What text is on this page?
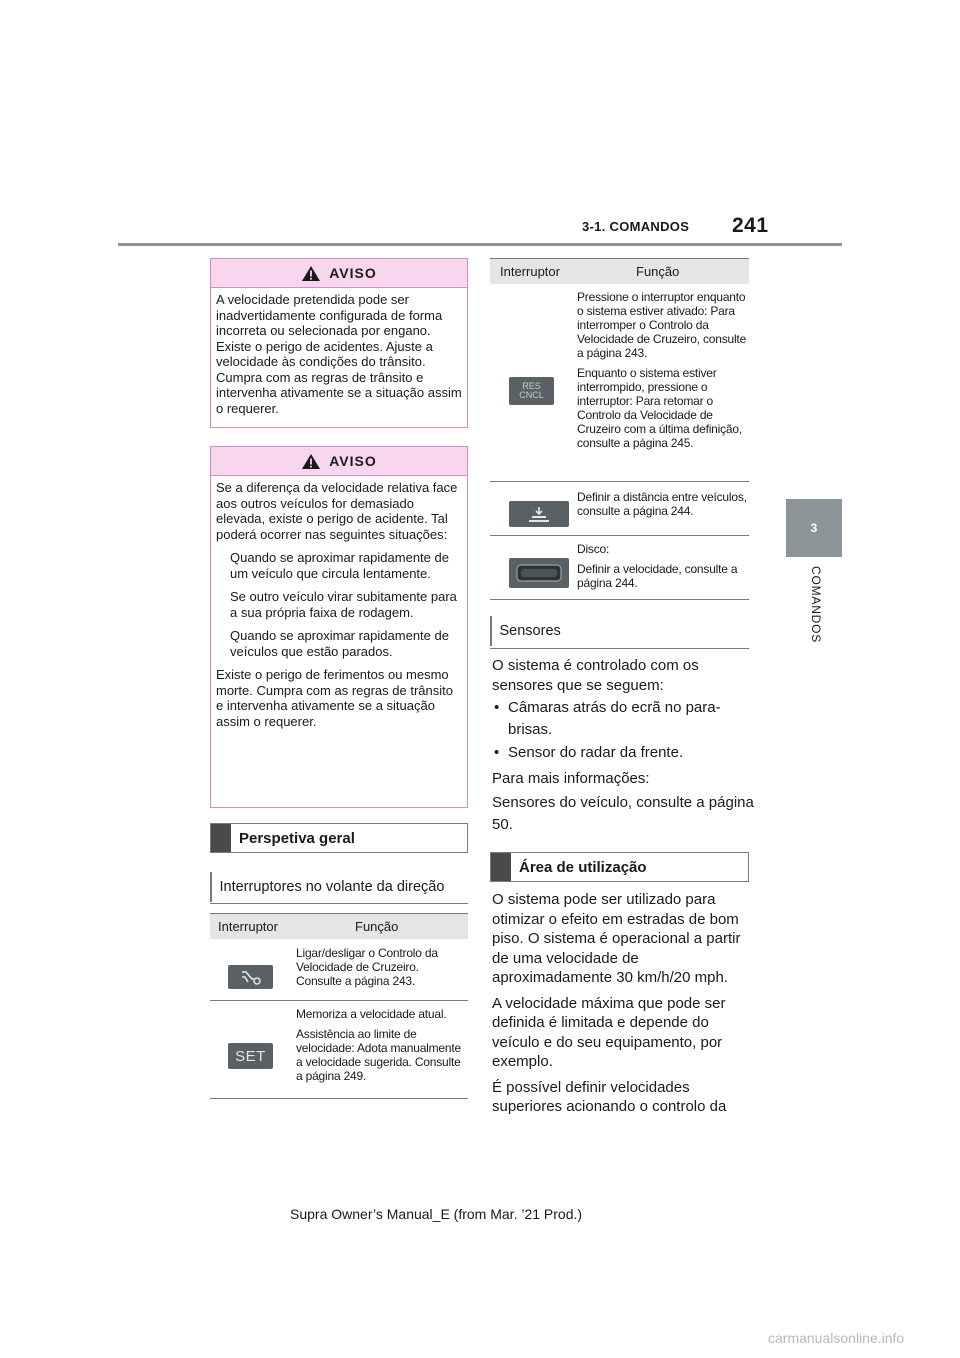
3-1. COMANDOS 241
3
COMANDOS
AVISO

A velocidade pretendida pode ser inadvertidamente configurada de forma incorreta ou selecionada por engano. Existe o perigo de acidentes. Ajuste a velocidade às condições do trânsito. Cumpra com as regras de trânsito e intervenha ativamente se a situação assim o requerer.

AVISO

Se a diferença da velocidade relativa face aos outros veículos for demasiado elevada, existe o perigo de acidente. Tal poderá ocorrer nas seguintes situações:

Quando se aproximar rapidamente de um veículo que circula lentamente.

Se outro veículo virar subitamente para a sua própria faixa de rodagem.

Quando se aproximar rapidamente de veículos que estão parados.

Existe o perigo de ferimentos ou mesmo morte. Cumpra com as regras de trânsito e intervenha ativamente se a situação assim o requerer.

Perspetiva geral
Interruptores no volante da direção
Interruptor	Função

Ligar/desligar o Controlo da Velocidade de Cruzeiro. Consulte a página 243.

SET

Memoriza a velocidade atual.

Assistência ao limite de velocidade: Adota manualmente a velocidade sugerida. Consulte a página 249.

Interruptor	Função
RES
CNCL

Pressione o interruptor enquanto o sistema estiver ativado: Para interromper o Controlo da Velocidade de Cruzeiro, consulte a página 243.

Enquanto o sistema estiver interrompido, pressione o interruptor: Para retomar o Controlo da Velocidade de Cruzeiro com a última definição, consulte a página 245.

Definir a distância entre veículos, consulte a página 244.

Disco:

Definir a velocidade, consulte a página 244.

Sensores

O sistema é controlado com os sensores que se seguem:

• Câmaras atrás do ecrã no para-brisas.

• Sensor do radar da frente.

Para mais informações:

Sensores do veículo, consulte a página 50.

Área de utilização

O sistema pode ser utilizado para otimizar o efeito em estradas de bom piso. O sistema é operacional a partir de uma velocidade de aproximadamente 30 km/h/20 mph.

A velocidade máxima que pode ser definida é limitada e depende do veículo e do seu equipamento, por exemplo.

É possível definir velocidades superiores acionando o controlo da

Supra Owner’s Manual_E (from Mar. ’21 Prod.)
carmanualsonline.info
